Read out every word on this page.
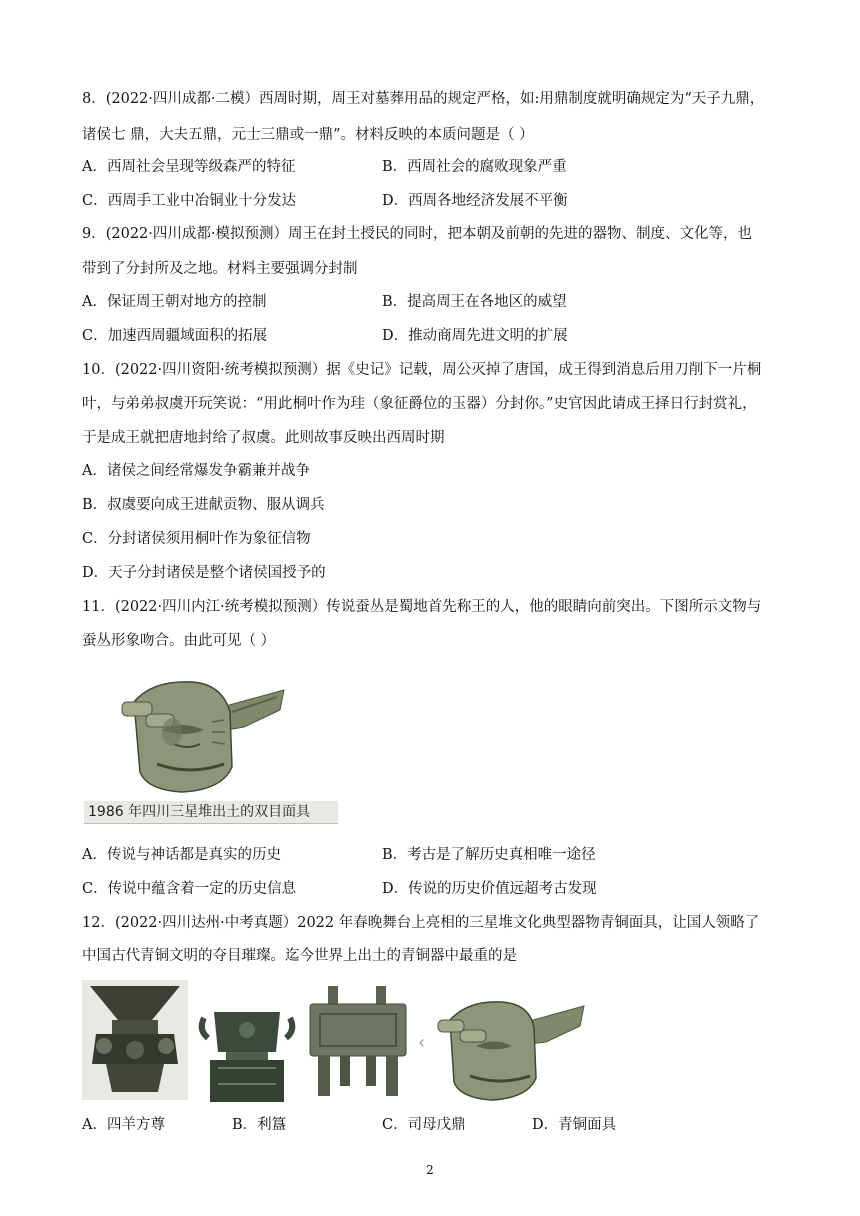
8．(2022·四川成都·二模）西周时期，周王对墓葬用品的规定严格，如:用鼎制度就明确规定为“天子九鼎，
诸侯七 鼎，大夫五鼎，元士三鼎或一鼎”。材料反映的本质问题是（ ）
A．西周社会呈现等级森严的特征	B．西周社会的腐败现象严重
C．西周手工业中冶铜业十分发达	D．西周各地经济发展不平衡
9．(2022·四川成都·模拟预测）周王在封土授民的同时，把本朝及前朝的先进的器物、制度、文化等，也
带到了分封所及之地。材料主要强调分封制
A．保证周王朝对地方的控制	B．提高周王在各地区的威望
C．加速西周疆域面积的拓展	D．推动商周先进文明的扩展
10．(2022·四川资阳·统考模拟预测）据《史记》记载，周公灭掉了唐国，成王得到消息后用刀削下一片桐
叶，与弟弟叔虞开玩笑说：“用此桐叶作为珪（象征爵位的玉器）分封你。”史官因此请成王择日行封赏礼，
于是成王就把唐地封给了叔虞。此则故事反映出西周时期
A．诸侯之间经常爆发争霸兼并战争
B．叔虞要向成王进献贡物、服从调兵
C．分封诸侯须用桐叶作为象征信物
D．天子分封诸侯是整个诸侯国授予的
11．(2022·四川内江·统考模拟预测）传说蚕丛是蜀地首先称王的人，他的眼睛向前突出。下图所示文物与
蚕丛形象吻合。由此可见（ ）
1986 年四川三星堆出土的双目面具
A．传说与神话都是真实的历史	B．考古是了解历史真相唯一途径
C．传说中蕴含着一定的历史信息	D．传说的历史价值远超考古发现
12．(2022·四川达州·中考真题）2022 年春晚舞台上亮相的三星堆文化典型器物青铜面具，让国人领略了
中国古代青铜文明的夺目璀璨。迄今世界上出土的青铜器中最重的是
‹
A．四羊方尊	B．利簋	C．司母戊鼎	D．青铜面具
2
